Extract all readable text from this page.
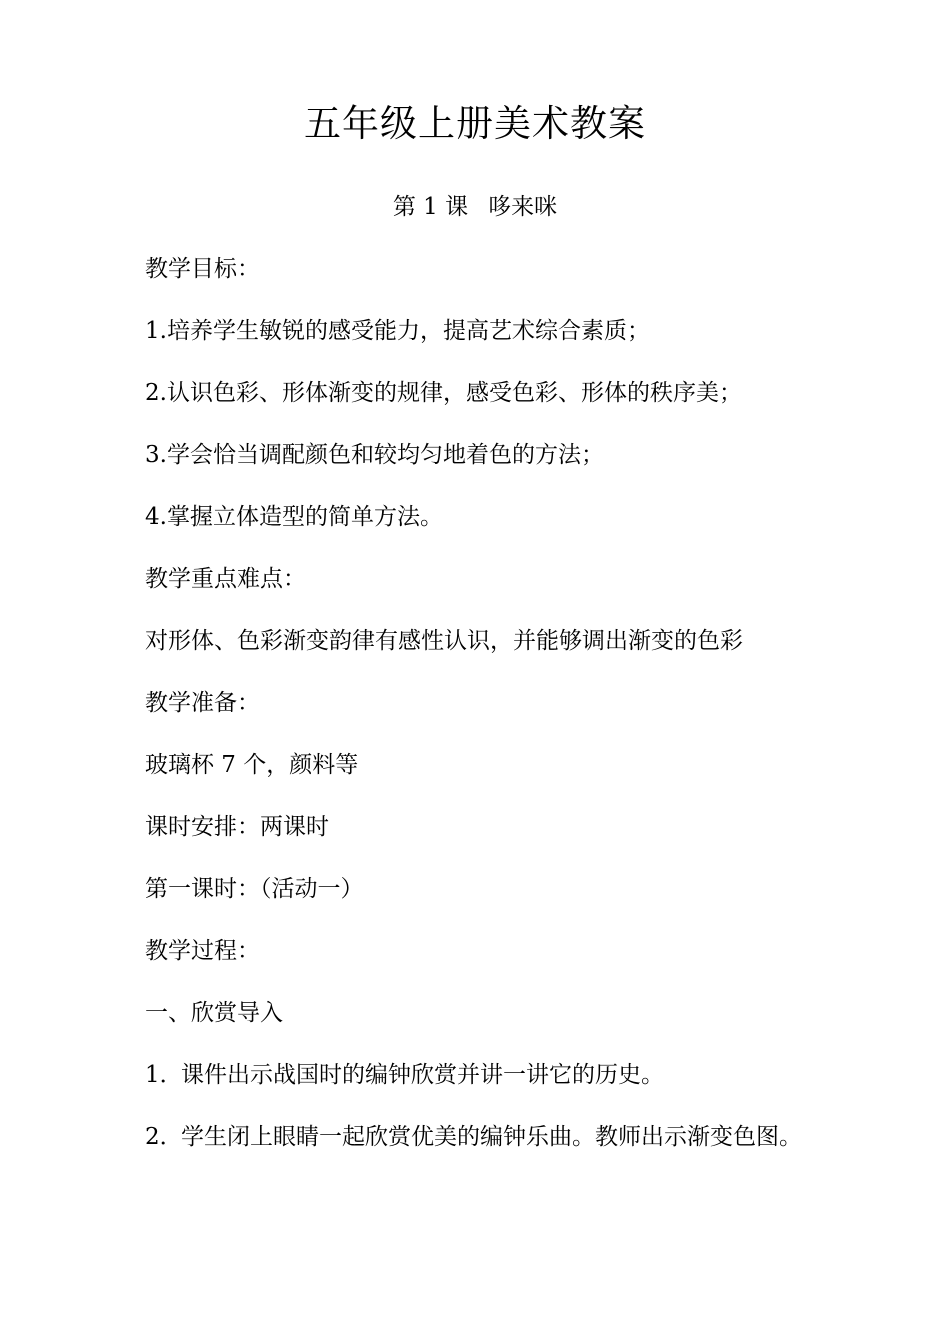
五年级上册美术教案
第 1 课 哆来咪
教学目标：
1.培养学生敏锐的感受能力，提高艺术综合素质；
2.认识色彩、形体渐变的规律，感受色彩、形体的秩序美；
3.学会恰当调配颜色和较均匀地着色的方法；
4.掌握立体造型的简单方法。
教学重点难点：
对形体、色彩渐变韵律有感性认识，并能够调出渐变的色彩
教学准备：
玻璃杯 7 个，颜料等
课时安排：两课时
第一课时：（活动一）
教学过程：
一、欣赏导入
1．
课件出示战国时的编钟欣赏并讲一讲它的历史。
2．
学生闭上眼睛一起欣赏优美的编钟乐曲。教师出示渐变色图。
